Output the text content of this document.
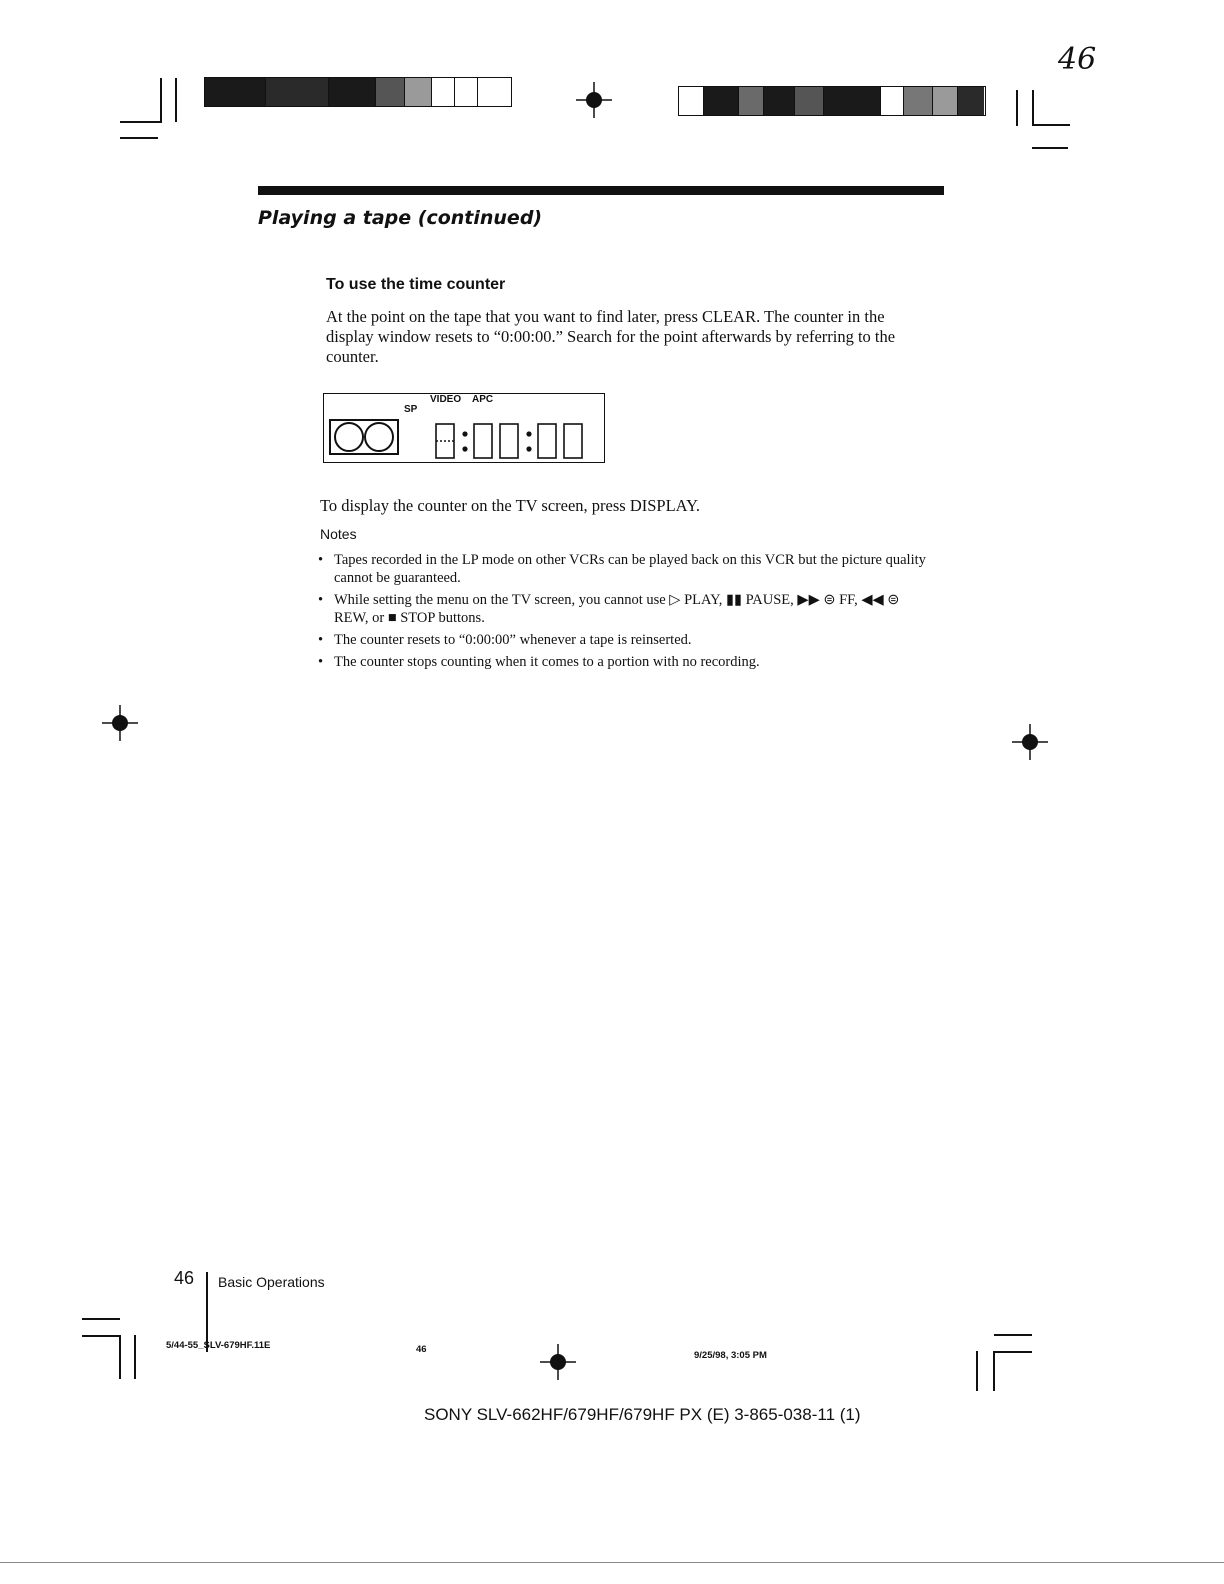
46
Playing a tape (continued)
To use the time counter
At the point on the tape that you want to find later, press CLEAR. The counter in the display window resets to “0:00:00.” Search for the point afterwards by referring to the counter.
SP
VIDEO APC
To display the counter on the TV screen, press DISPLAY.
Notes
• Tapes recorded in the LP mode on other VCRs can be played back on this VCR but the picture quality cannot be guaranteed.
• While setting the menu on the TV screen, you cannot use ▷ PLAY, ▮▮ PAUSE, ▶▶ ⊜ FF, ◀◀ ⊜ REW, or ■ STOP buttons.
• The counter resets to “0:00:00” whenever a tape is reinserted.
• The counter stops counting when it comes to a portion with no recording.
46 Basic Operations
5/44-55_SLV-679HF.11E	46
9/25/98, 3:05 PM
SONY SLV-662HF/679HF/679HF PX (E) 3-865-038-11 (1)
